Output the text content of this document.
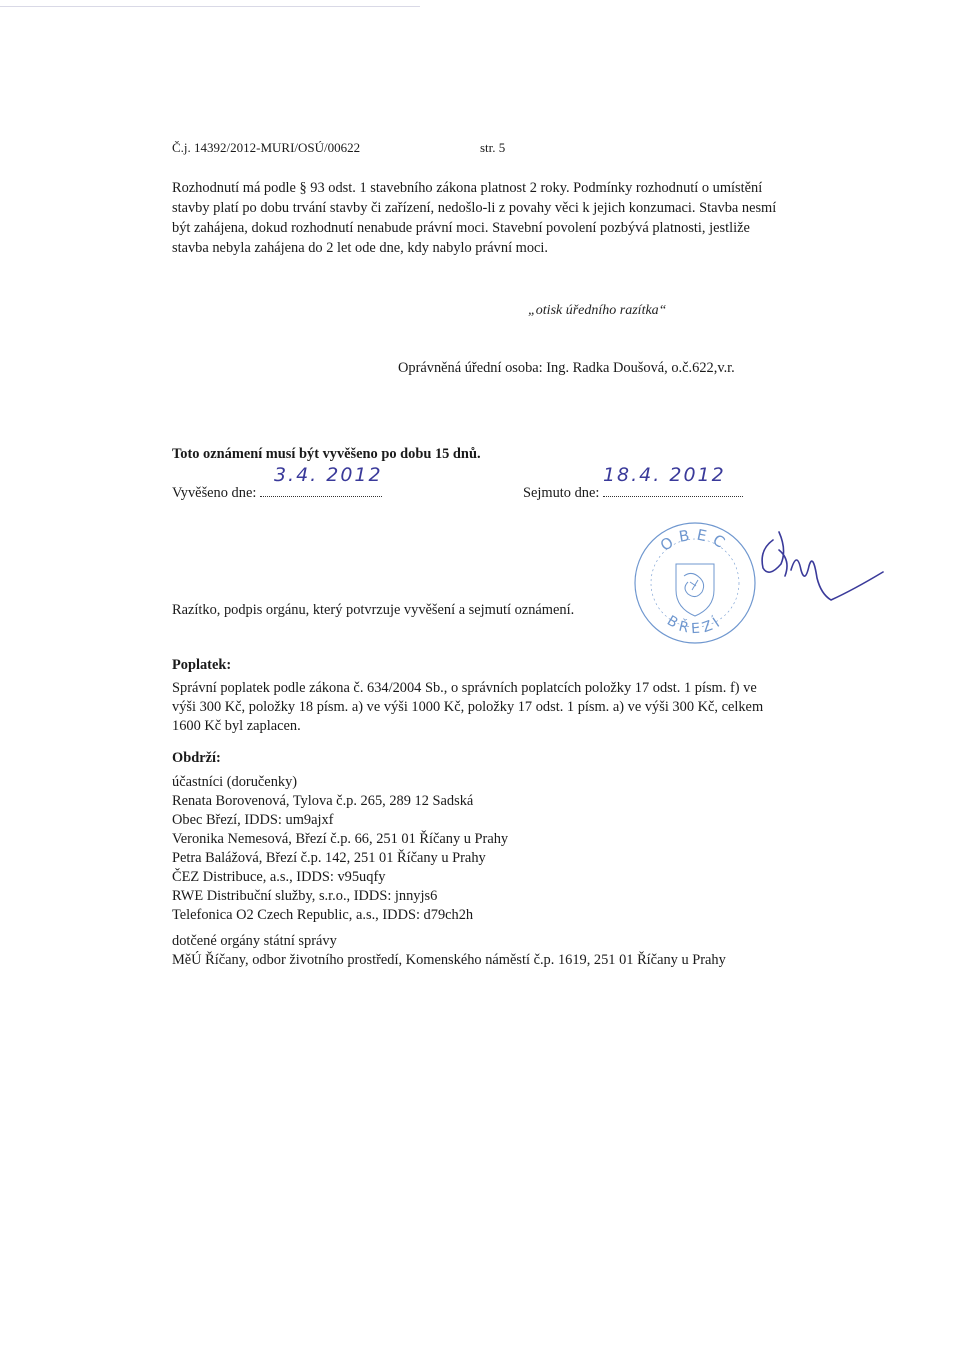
Č.j. 14392/2012-MURI/OSÚ/00622	str. 5
Rozhodnutí má podle § 93 odst. 1 stavebního zákona platnost 2 roky. Podmínky rozhodnutí o umístění
stavby platí po dobu trvání stavby či zařízení, nedošlo-li z povahy věci k jejich konzumaci. Stavba nesmí
být zahájena, dokud rozhodnutí nenabude právní moci. Stavební povolení pozbývá platnosti, jestliže
stavba nebyla zahájena do 2 let ode dne, kdy nabylo právní moci.
„otisk úředního razítka“
Oprávněná úřední osoba: Ing. Radka Doušová, o.č.622,v.r.
Toto oznámení musí být vyvěšeno po dobu 15 dnů.
Vyvěšeno dne:
3.4. 2012
Sejmuto dne:
18.4. 2012
OBEC
BŘEZÍ
Razítko, podpis orgánu, který potvrzuje vyvěšení a sejmutí oznámení.
Poplatek:
Správní poplatek podle zákona č. 634/2004 Sb., o správních poplatcích položky 17 odst. 1 písm. f) ve
výši 300 Kč, položky 18 písm. a) ve výši 1000 Kč, položky 17 odst. 1 písm. a) ve výši 300 Kč, celkem
1600 Kč byl zaplacen.
Obdrží:
účastníci (doručenky)
Renata Borovenová, Tylova č.p. 265, 289 12 Sadská
Obec Březí, IDDS: um9ajxf
Veronika Nemesová, Březí č.p. 66, 251 01 Říčany u Prahy
Petra Balážová, Březí č.p. 142, 251 01 Říčany u Prahy
ČEZ Distribuce, a.s., IDDS: v95uqfy
RWE Distribuční služby, s.r.o., IDDS: jnnyjs6
Telefonica O2 Czech Republic, a.s., IDDS: d79ch2h
dotčené orgány státní správy
MěÚ Říčany, odbor životního prostředí, Komenského náměstí č.p. 1619, 251 01 Říčany u Prahy
